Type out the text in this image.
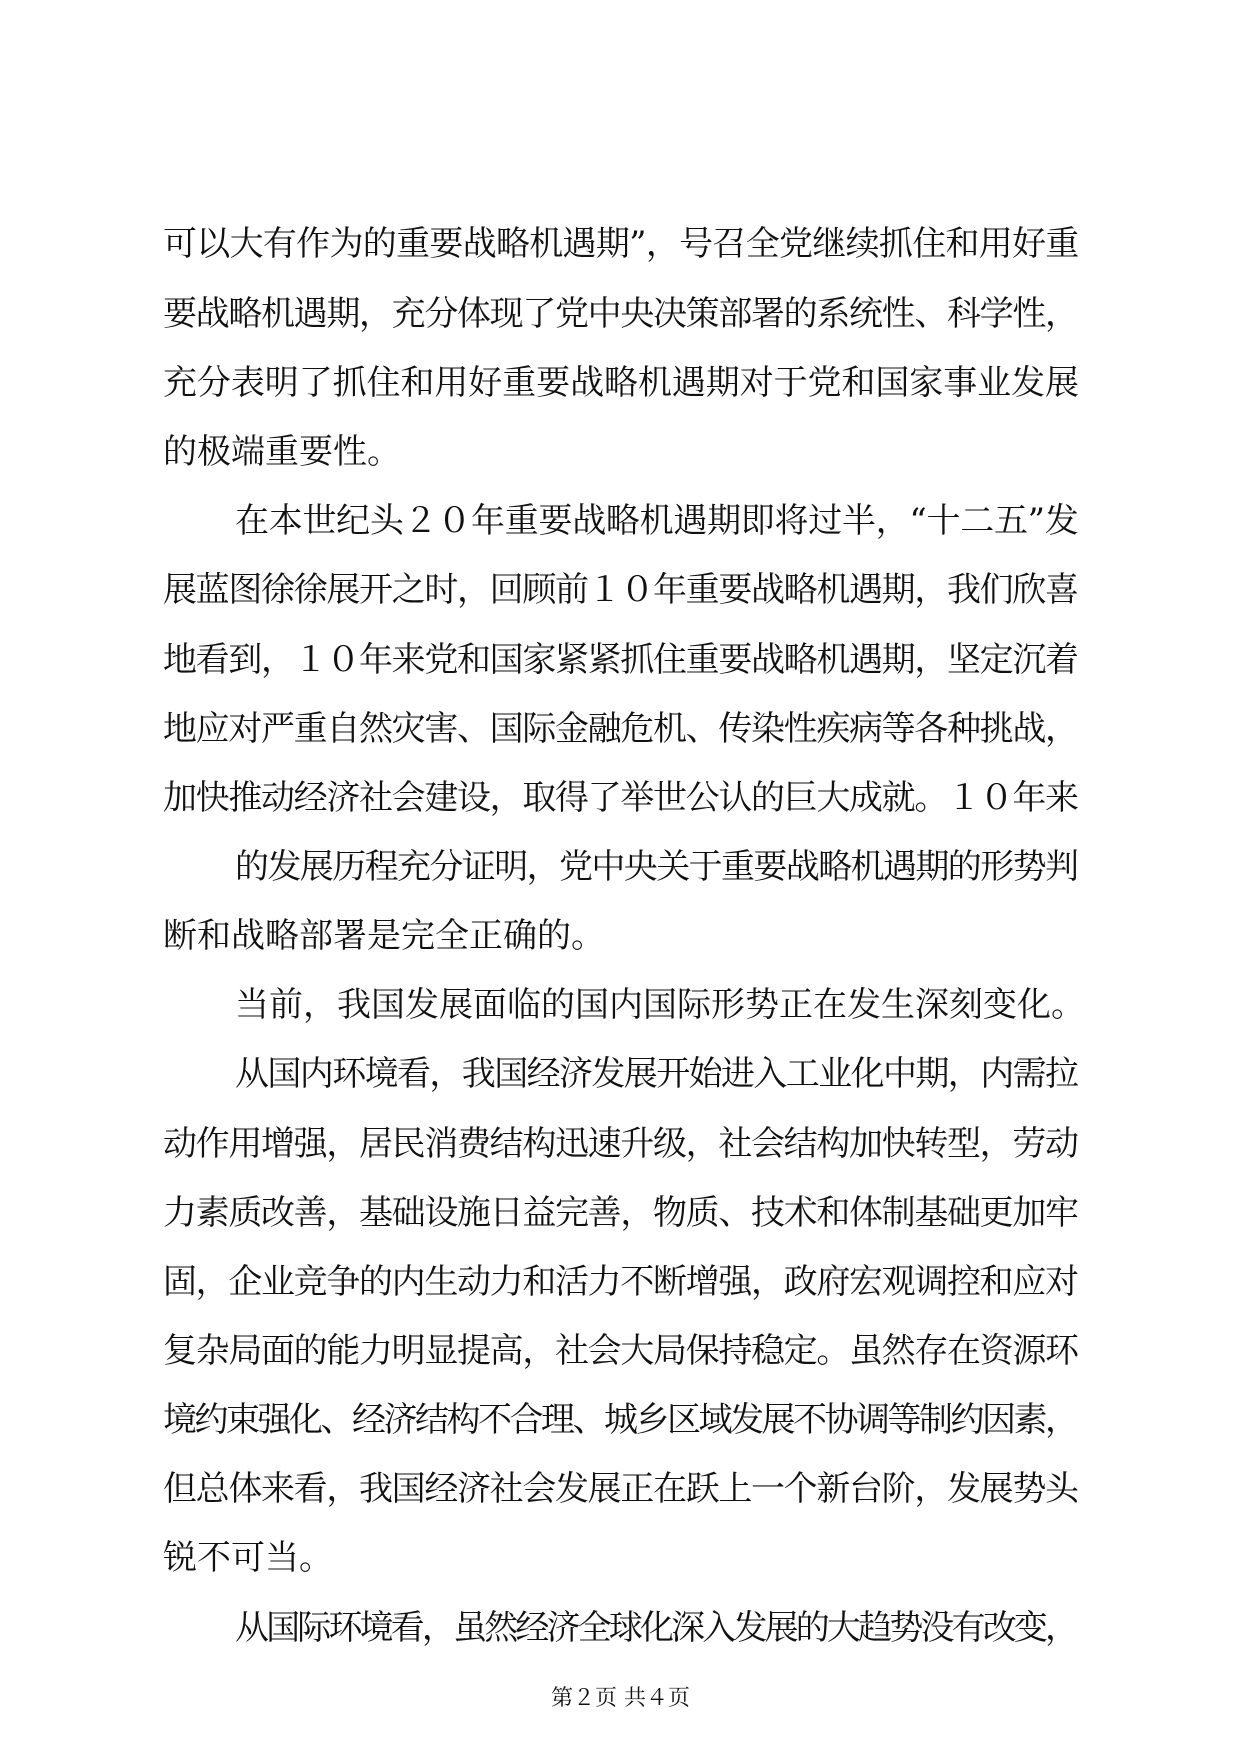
可以大有作为的重要战略机遇期”，号召全党继续抓住和用好重
要战略机遇期，充分体现了党中央决策部署的系统性、科学性，
充分表明了抓住和用好重要战略机遇期对于党和国家事业发展
的极端重要性。
在本世纪头２０年重要战略机遇期即将过半，“十二五”发
展蓝图徐徐展开之时，回顾前１０年重要战略机遇期，我们欣喜
地看到，１０年来党和国家紧紧抓住重要战略机遇期，坚定沉着
地应对严重自然灾害、国际金融危机、传染性疾病等各种挑战，
加快推动经济社会建设，取得了举世公认的巨大成就。１０年来
的发展历程充分证明，党中央关于重要战略机遇期的形势判
断和战略部署是完全正确的。
当前，我国发展面临的国内国际形势正在发生深刻变化。
从国内环境看，我国经济发展开始进入工业化中期，内需拉
动作用增强，居民消费结构迅速升级，社会结构加快转型，劳动
力素质改善，基础设施日益完善，物质、技术和体制基础更加牢
固，企业竞争的内生动力和活力不断增强，政府宏观调控和应对
复杂局面的能力明显提高，社会大局保持稳定。虽然存在资源环
境约束强化、经济结构不合理、城乡区域发展不协调等制约因素，
但总体来看，我国经济社会发展正在跃上一个新台阶，发展势头
锐不可当。
从国际环境看，虽然经济全球化深入发展的大趋势没有改变，
第２页 共４页
